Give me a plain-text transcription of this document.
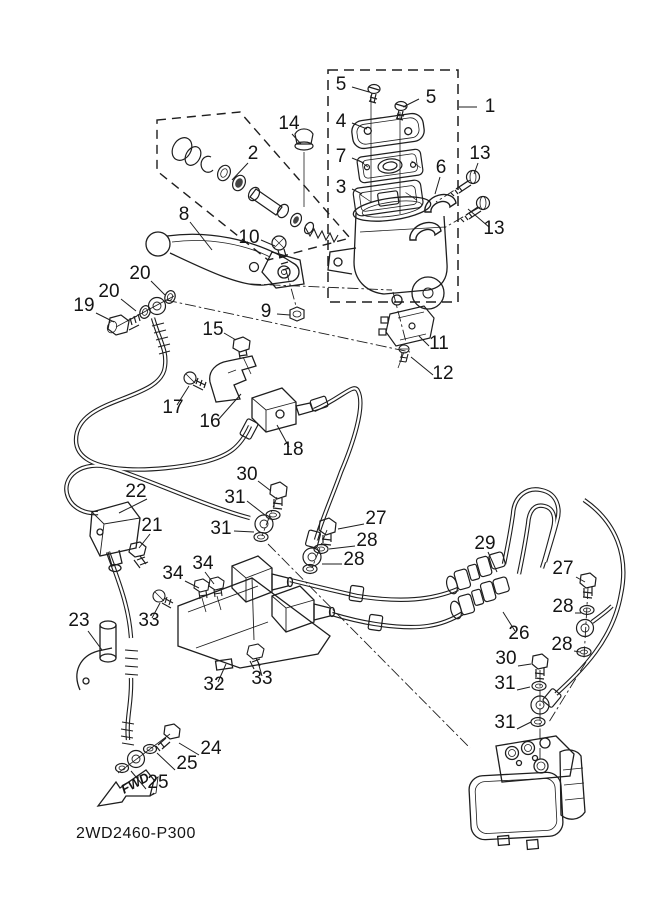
FWD
5
5	1
4
14
7
2
3
6
13
13
8
10
20
20
19	9
11
12
15
17
16
18
30
31
31
22
21	27
28
28
34
34
23	33
32 33
29
26
27
28
28
30
31
31
24
25
25
2WD2460-P300
